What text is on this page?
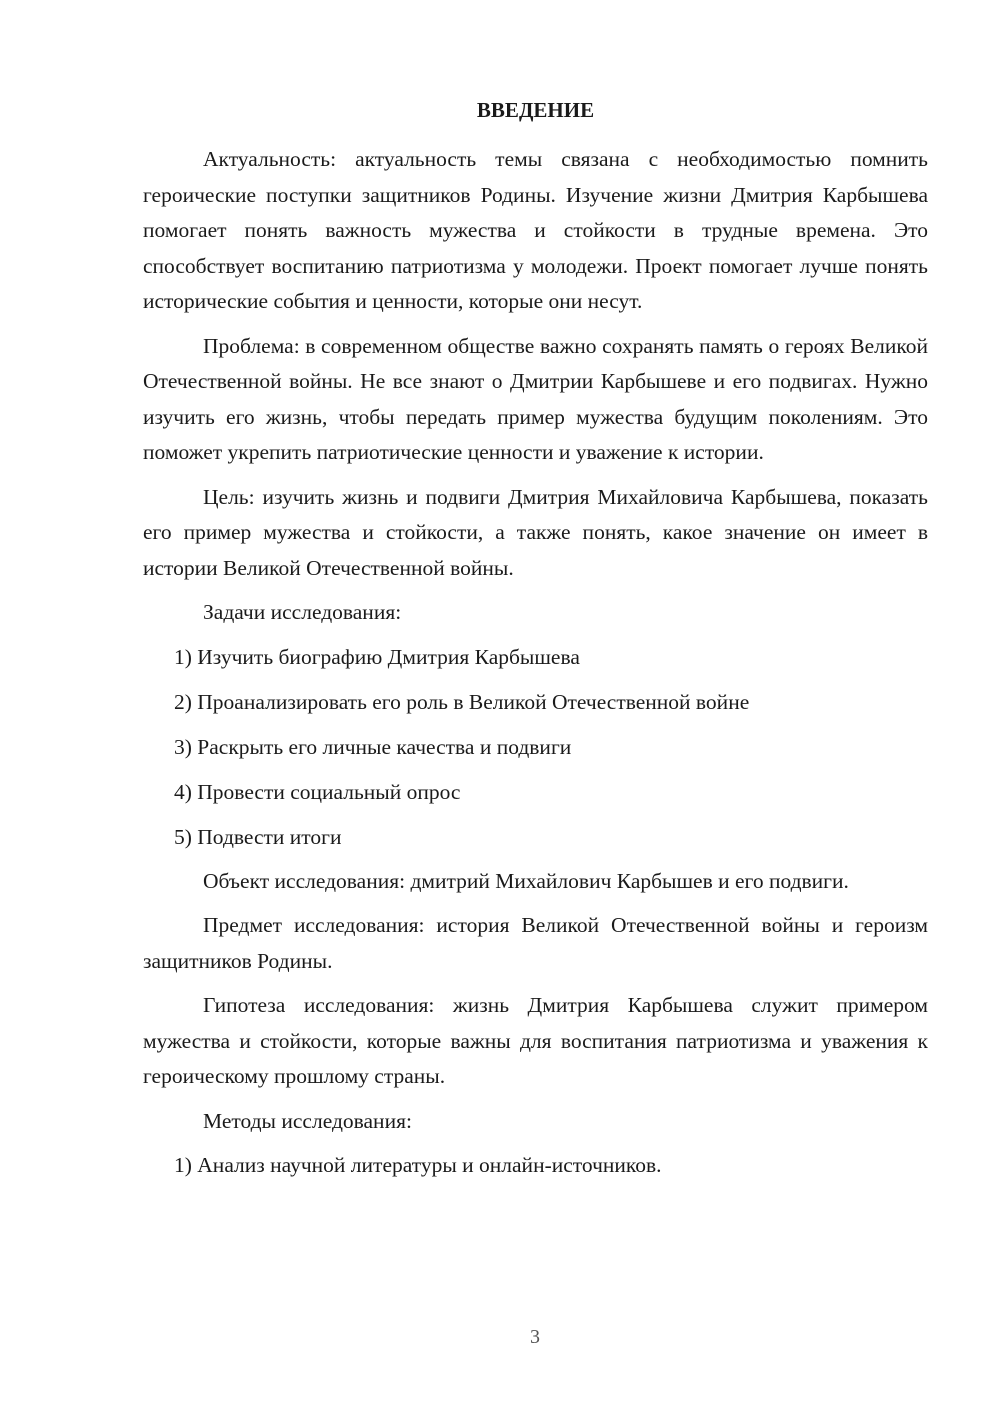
ВВЕДЕНИЕ

Актуальность: актуальность темы связана с необходимостью помнить героические поступки защитников Родины. Изучение жизни Дмитрия Карбышева помогает понять важность мужества и стойкости в трудные времена. Это способствует воспитанию патриотизма у молодежи. Проект помогает лучше понять исторические события и ценности, которые они несут.

Проблема: в современном обществе важно сохранять память о героях Великой Отечественной войны. Не все знают о Дмитрии Карбышеве и его подвигах. Нужно изучить его жизнь, чтобы передать пример мужества будущим поколениям. Это поможет укрепить патриотические ценности и уважение к истории.

Цель: изучить жизнь и подвиги Дмитрия Михайловича Карбышева, показать его пример мужества и стойкости, а также понять, какое значение он имеет в истории Великой Отечественной войны.

Задачи исследования:

1) Изучить биографию Дмитрия Карбышева
2) Проанализировать его роль в Великой Отечественной войне
3) Раскрыть его личные качества и подвиги
4) Провести социальный опрос
5) Подвести итоги

Объект исследования: дмитрий Михайлович Карбышев и его подвиги.

Предмет исследования: история Великой Отечественной войны и героизм защитников Родины.

Гипотеза исследования: жизнь Дмитрия Карбышева служит примером мужества и стойкости, которые важны для воспитания патриотизма и уважения к героическому прошлому страны.

Методы исследования:

1) Анализ научной литературы и онлайн-источников.
3
